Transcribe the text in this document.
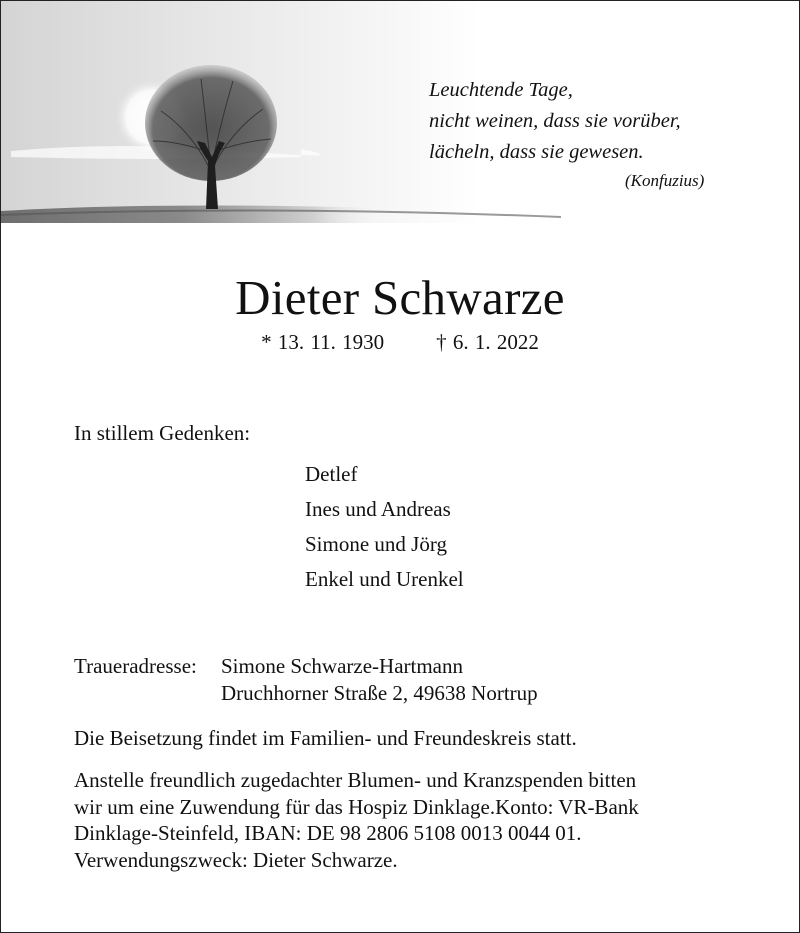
Leuchtende Tage,
nicht weinen, dass sie vorüber,
lächeln, dass sie gewesen.
(Konfuzius)
Dieter Schwarze
* 13. 11. 1930 † 6. 1. 2022
In stillem Gedenken:
Detlef
Ines und Andreas
Simone und Jörg
Enkel und Urenkel
Traueradresse:	Simone Schwarze-Hartmann
Druchhorner Straße 2, 49638 Nortrup
Die Beisetzung findet im Familien- und Freundeskreis statt.
Anstelle freundlich zugedachter Blumen- und Kranzspenden bitten
wir um eine Zuwendung für das Hospiz Dinklage.Konto: VR-Bank
Dinklage-Steinfeld, IBAN: DE 98 2806 5108 0013 0044 01.
Verwendungszweck: Dieter Schwarze.
